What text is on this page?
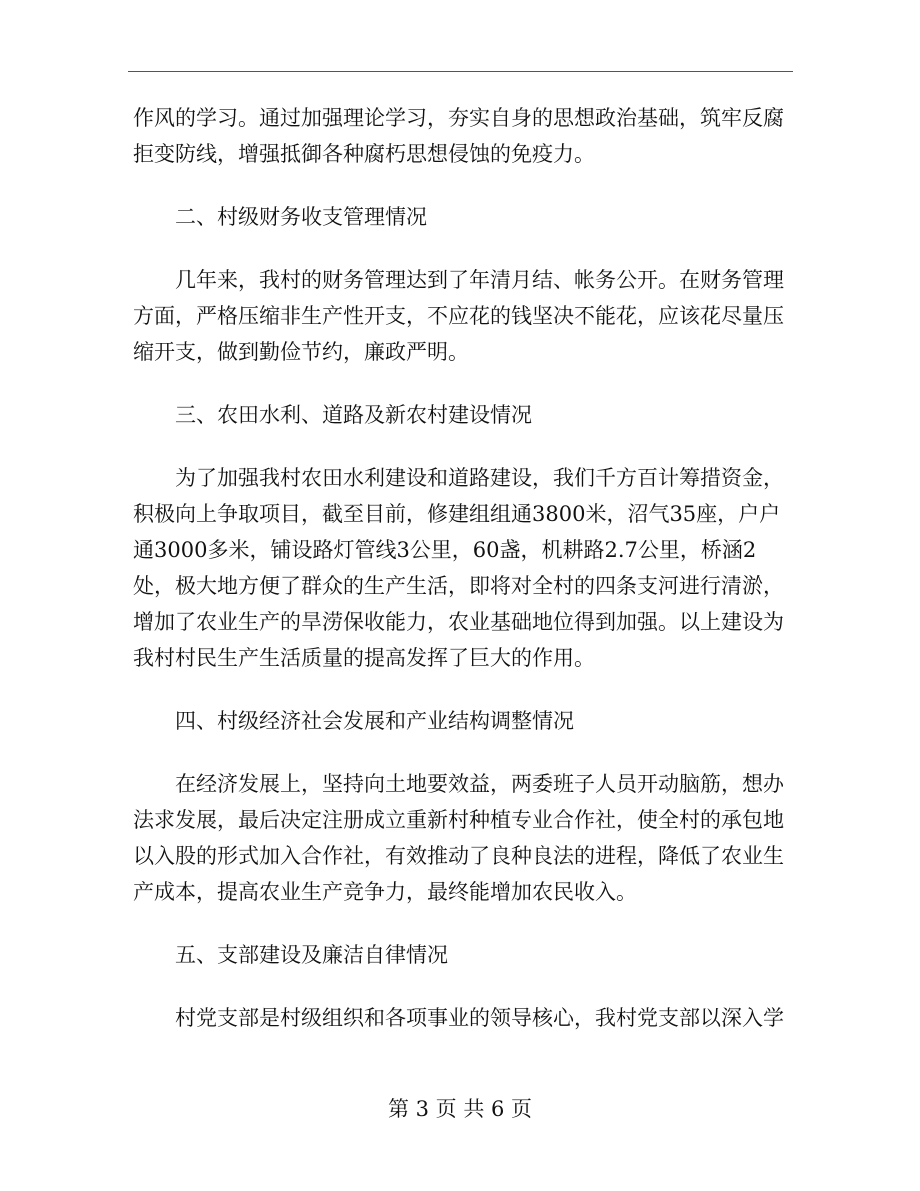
作风的学习。通过加强理论学习，夯实自身的思想政治基础，筑牢反腐拒变防线，增强抵御各种腐朽思想侵蚀的免疫力。

二、村级财务收支管理情况

几年来，我村的财务管理达到了年清月结、帐务公开。在财务管理方面，严格压缩非生产性开支，不应花的钱坚决不能花，应该花尽量压缩开支，做到勤俭节约，廉政严明。

三、农田水利、道路及新农村建设情况

为了加强我村农田水利建设和道路建设，我们千方百计筹措资金，积极向上争取项目，截至目前，修建组组通3800米，沼气35座，户户通3000多米，铺设路灯管线3公里，60盏，机耕路2.7公里，桥涵2处，极大地方便了群众的生产生活，即将对全村的四条支河进行清淤，增加了农业生产的旱涝保收能力，农业基础地位得到加强。以上建设为我村村民生产生活质量的提高发挥了巨大的作用。

四、村级经济社会发展和产业结构调整情况

在经济发展上，坚持向土地要效益，两委班子人员开动脑筋，想办法求发展，最后决定注册成立重新村种植专业合作社，使全村的承包地以入股的形式加入合作社，有效推动了良种良法的进程，降低了农业生产成本，提高农业生产竞争力，最终能增加农民收入。

五、支部建设及廉洁自律情况

村党支部是村级组织和各项事业的领导核心，我村党支部以深入学

第 3 页 共 6 页
